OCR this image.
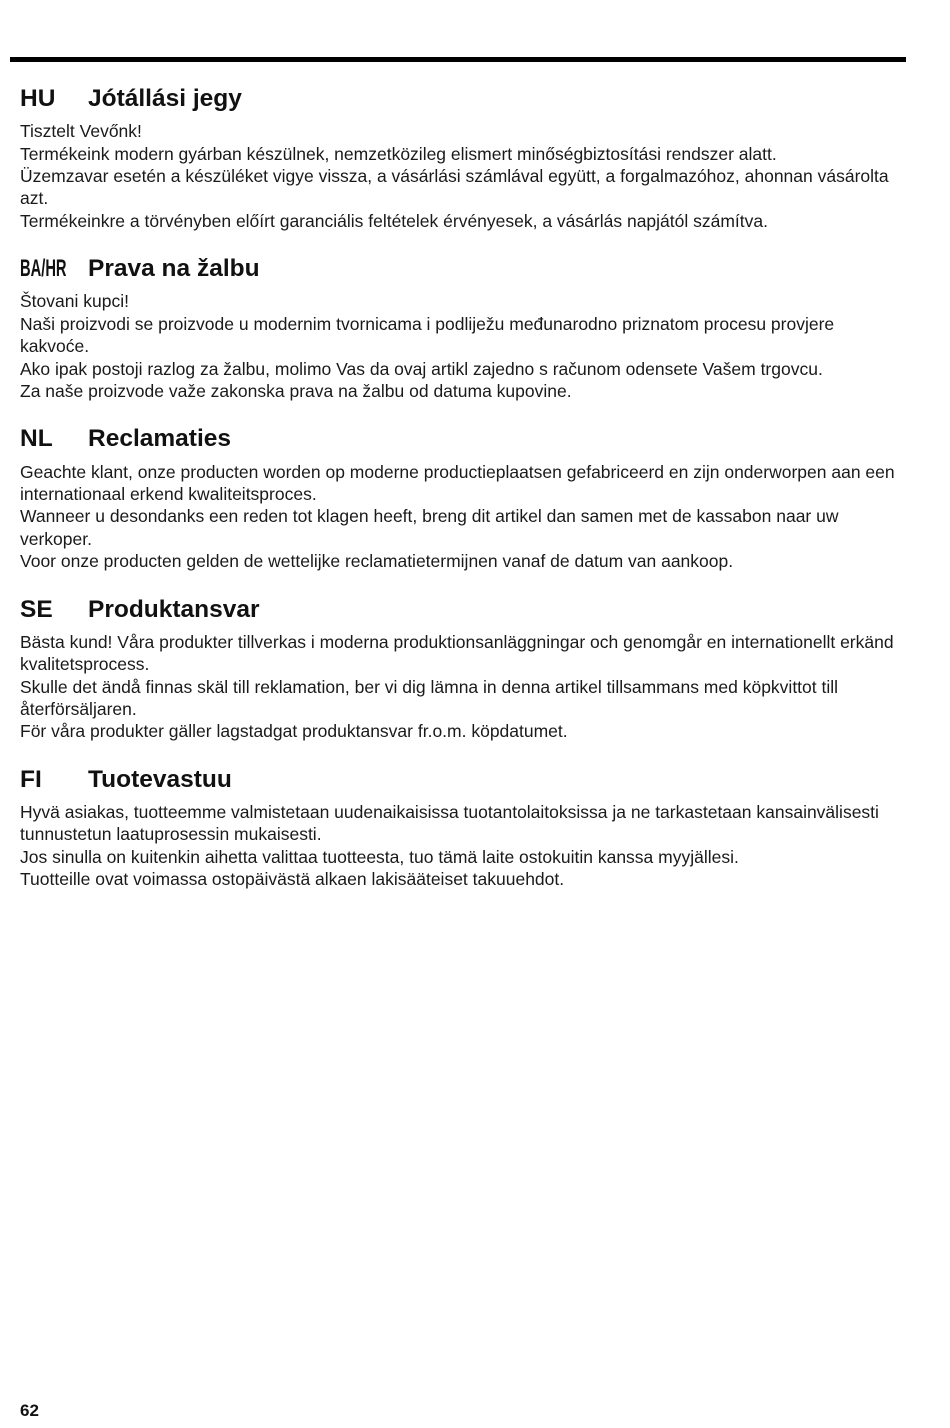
HU	Jótállási jegy

Tisztelt Vevőnk!

Termékeink modern gyárban készülnek, nemzetközileg elismert minőségbiztosítási rendszer alatt.

Üzemzavar esetén a készüléket vigye vissza, a vásárlási számlával együtt, a forgalmazóhoz, ahonnan vásárolta azt.

Termékeinkre a törvényben előírt garanciális feltételek érvényesek, a vásárlás napjától számítva.

BA/HR Prava na žalbu

Štovani kupci!

Naši proizvodi se proizvode u modernim tvornicama i podliježu međunarodno priznatom procesu provjere kakvoće.

Ako ipak postoji razlog za žalbu, molimo Vas da ovaj artikl zajedno s računom odensete Vašem trgovcu.

Za naše proizvode važe zakonska prava na žalbu od datuma kupovine.

NL	Reclamaties

Geachte klant, onze producten worden op moderne productieplaatsen gefabriceerd en zijn onderworpen aan een internationaal erkend kwaliteitsproces.

Wanneer u desondanks een reden tot klagen heeft, breng dit artikel dan samen met de kassabon naar uw verkoper.

Voor onze producten gelden de wettelijke reclamatietermijnen vanaf de datum van aankoop.

SE	Produktansvar

Bästa kund! Våra produkter tillverkas i moderna produktionsanläggningar och genomgår en internationellt erkänd kvalitetsprocess.

Skulle det ändå finnas skäl till reklamation, ber vi dig lämna in denna artikel tillsammans med köpkvittot till återförsäljaren.

För våra produkter gäller lagstadgat produktansvar fr.o.m. köpdatumet.

FI	Tuotevastuu

Hyvä asiakas, tuotteemme valmistetaan uudenaikaisissa tuotantolaitoksissa ja ne tarkastetaan kansainvälisesti tunnustetun laatuprosessin mukaisesti.

Jos sinulla on kuitenkin aihetta valittaa tuotteesta, tuo tämä laite ostokuitin kanssa myyjällesi.

Tuotteille ovat voimassa ostopäivästä alkaen lakisääteiset takuuehdot.

62
